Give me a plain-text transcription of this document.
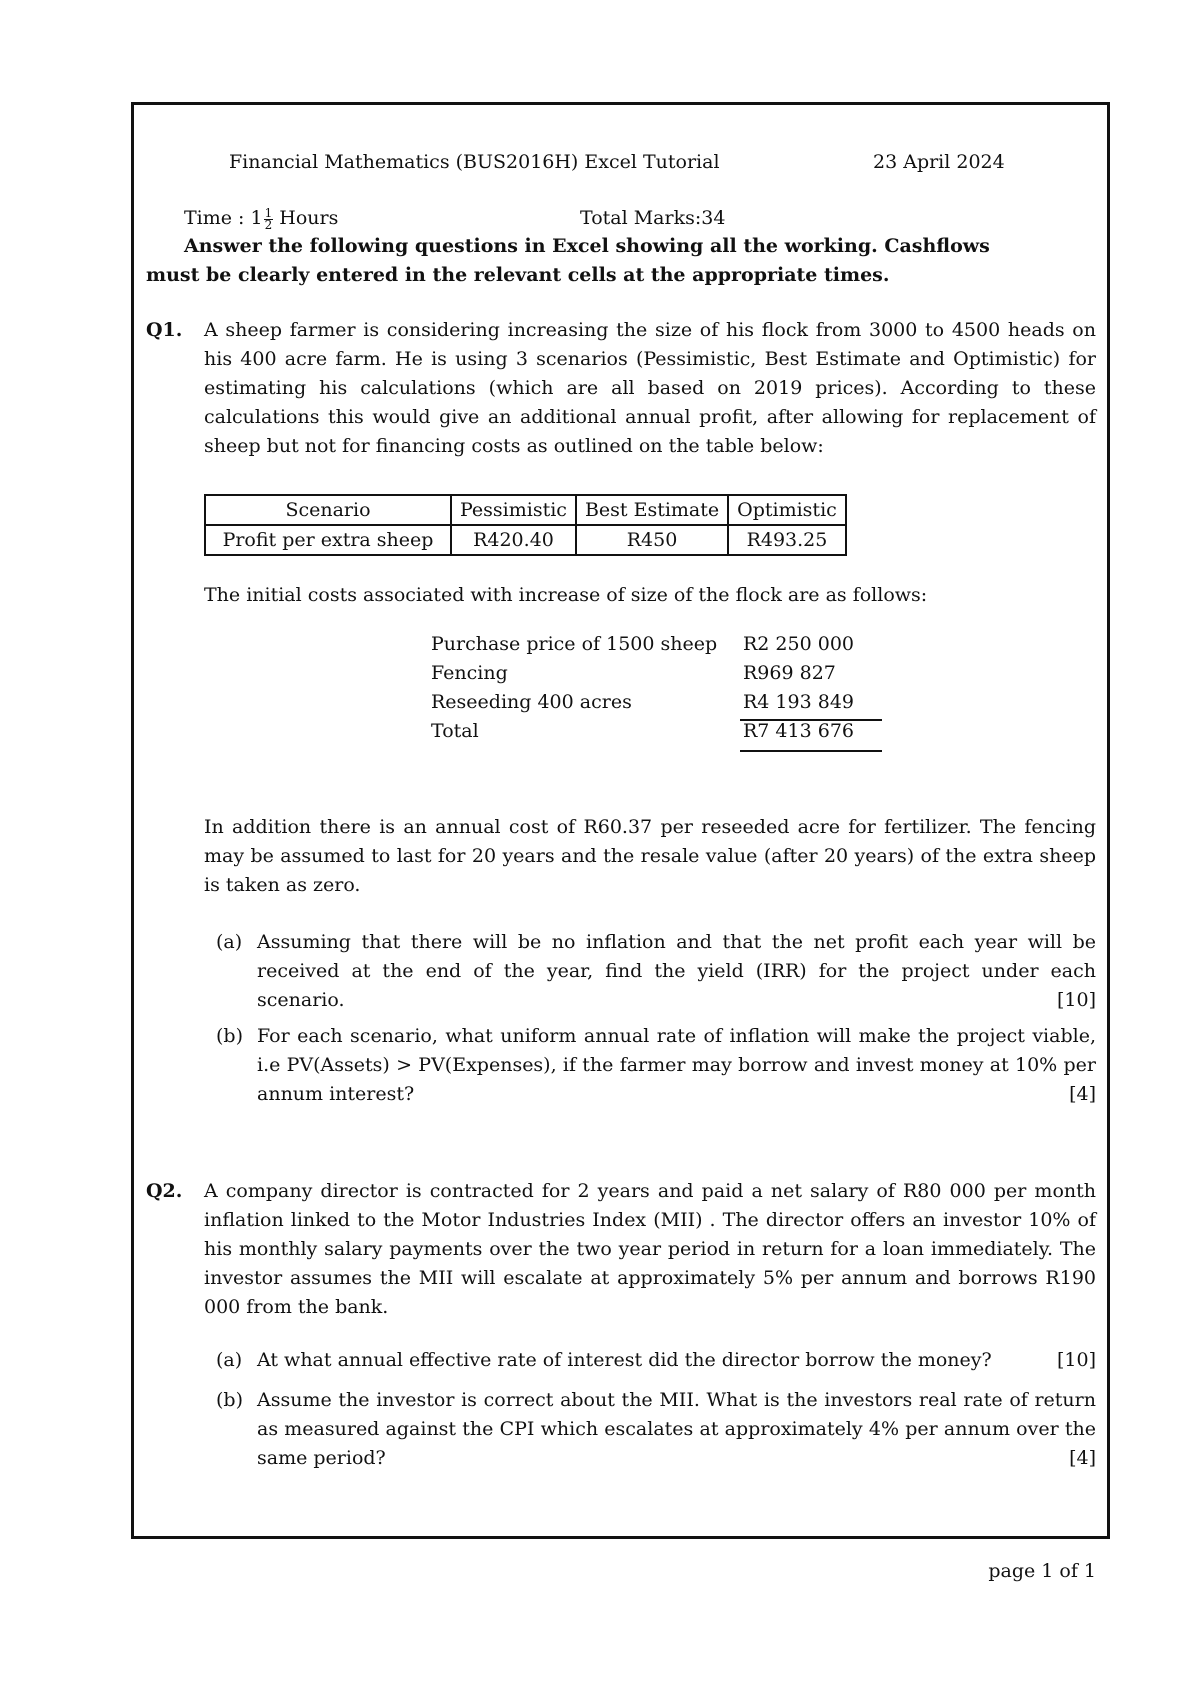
Financial Mathematics (BUS2016H) Excel Tutorial	23 April 2024
Time : $1 \frac{1}{2}$ Hours	Total Marks:34
Answer the following questions in Excel showing all the working. Cashflows
must be clearly entered in the relevant cells at the appropriate times.
Q1. A sheep farmer is considering increasing the size of his flock from 3000 to 4500 heads on his 400 acre farm. He is using 3 scenarios (Pessimistic, Best Estimate and Optimistic) for estimating his calculations (which are all based on 2019 prices). According to these calculations this would give an additional annual profit, after allowing for replacement of sheep but not for financing costs as outlined on the table below:
Scenario	Pessimistic	Best Estimate	Optimistic
Profit per extra sheep	R420.40	R450	R493.25
The initial costs associated with increase of size of the flock are as follows:
Purchase price of 1500 sheep	R2 250 000
Fencing	R969 827
Reseeding 400 acres	R4 193 849
Total	R7 413 676
In addition there is an annual cost of R60.37 per reseeded acre for fertilizer. The fencing may be assumed to last for 20 years and the resale value (after 20 years) of the extra sheep is taken as zero.
(a) Assuming that there will be no inflation and that the net profit each year will be received at the end of the year, find the yield (IRR) for the project under each scenario.	[10]
(b) For each scenario, what uniform annual rate of inflation will make the project viable, i.e PV(Assets) > PV(Expenses), if the farmer may borrow and invest money at 10% per annum interest?	[4]
Q2. A company director is contracted for 2 years and paid a net salary of R80 000 per month inflation linked to the Motor Industries Index (MII) . The director offers an investor 10% of his monthly salary payments over the two year period in return for a loan immediately. The investor assumes the MII will escalate at approximately 5% per annum and borrows R190 000 from the bank.
(a) At what annual effective rate of interest did the director borrow the money?	[10]
(b) Assume the investor is correct about the MII. What is the investors real rate of return as measured against the CPI which escalates at approximately 4% per annum over the same period?	[4]
page 1 of 1
